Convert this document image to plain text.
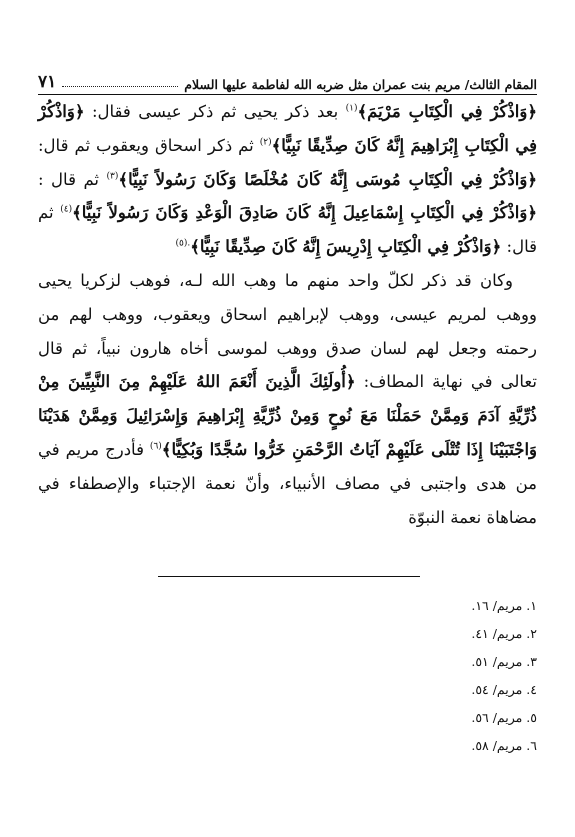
المقام الثالث/ مريم بنت عمران مثل ضربه الله لفاطمة عليها السلام
٧١

﴿وَاذْكُرْ فِي الْكِتَابِ مَرْيَمَ﴾$^{(١)}$ بعد ذكر يحيى ثم ذكر عيسى فقال: ﴿وَاذْكُرْ فِي الْكِتَابِ إِبْرَاهِيمَ إِنَّهُ كَانَ صِدِّيقًا نَبِيًّا﴾$^{(٢)}$ ثم ذكر اسحاق ويعقوب ثم قال: ﴿وَاذْكُرْ فِي الْكِتَابِ مُوسَى إِنَّهُ كَانَ مُخْلَصًا وَكَانَ رَسُولاً نَبِيًّا﴾$^{(٣)}$ ثم قال : ﴿وَاذْكُرْ فِي الْكِتَابِ إِسْمَاعِيلَ إِنَّهُ كَانَ صَادِقَ الْوَعْدِ وَكَانَ رَسُولاً نَبِيًّا﴾$^{(٤)}$ ثم قال: ﴿وَاذْكُرْ فِي الْكِتَابِ إِدْرِيسَ إِنَّهُ كَانَ صِدِّيقًا نَبِيًّا﴾$^{.(٥)}$

وكان قد ذكر لكلّ واحد منهم ما وهب الله لـه، فوهب لزكريا يحيى ووهب لمريم عيسى، ووهب لإبراهيم اسحاق ويعقوب، ووهب لهم من رحمته وجعل لهم لسان صدق ووهب لموسى أخاه هارون نبياً، ثم قال تعالى في نهاية المطاف: ﴿أُولَئِكَ الَّذِينَ أَنْعَمَ اللهُ عَلَيْهِمْ مِنَ النَّبِيِّينَ مِنْ ذُرِّيَّةِ آدَمَ وَمِمَّنْ حَمَلْنَا مَعَ نُوحٍ وَمِنْ ذُرِّيَّةِ إِبْرَاهِيمَ وَإِسْرَائِيلَ وَمِمَّنْ هَدَيْنَا وَاجْتَبَيْنَا إِذَا تُتْلَى عَلَيْهِمْ آيَاتُ الرَّحْمَنِ خَرُّوا سُجَّدًا وَبُكِيًّا﴾$^{(٦)}$ فأدرج مريم في من هدى واجتبى في مصاف الأنبياء، وأنّ نعمة الإجتباء والإصطفاء في مضاهاة نعمة النبوّة

١. مريم/ ١٦.
٢. مريم/ ٤١.
٣. مريم/ ٥١.
٤. مريم/ ٥٤.
٥. مريم/ ٥٦.
٦. مريم/ ٥٨.
